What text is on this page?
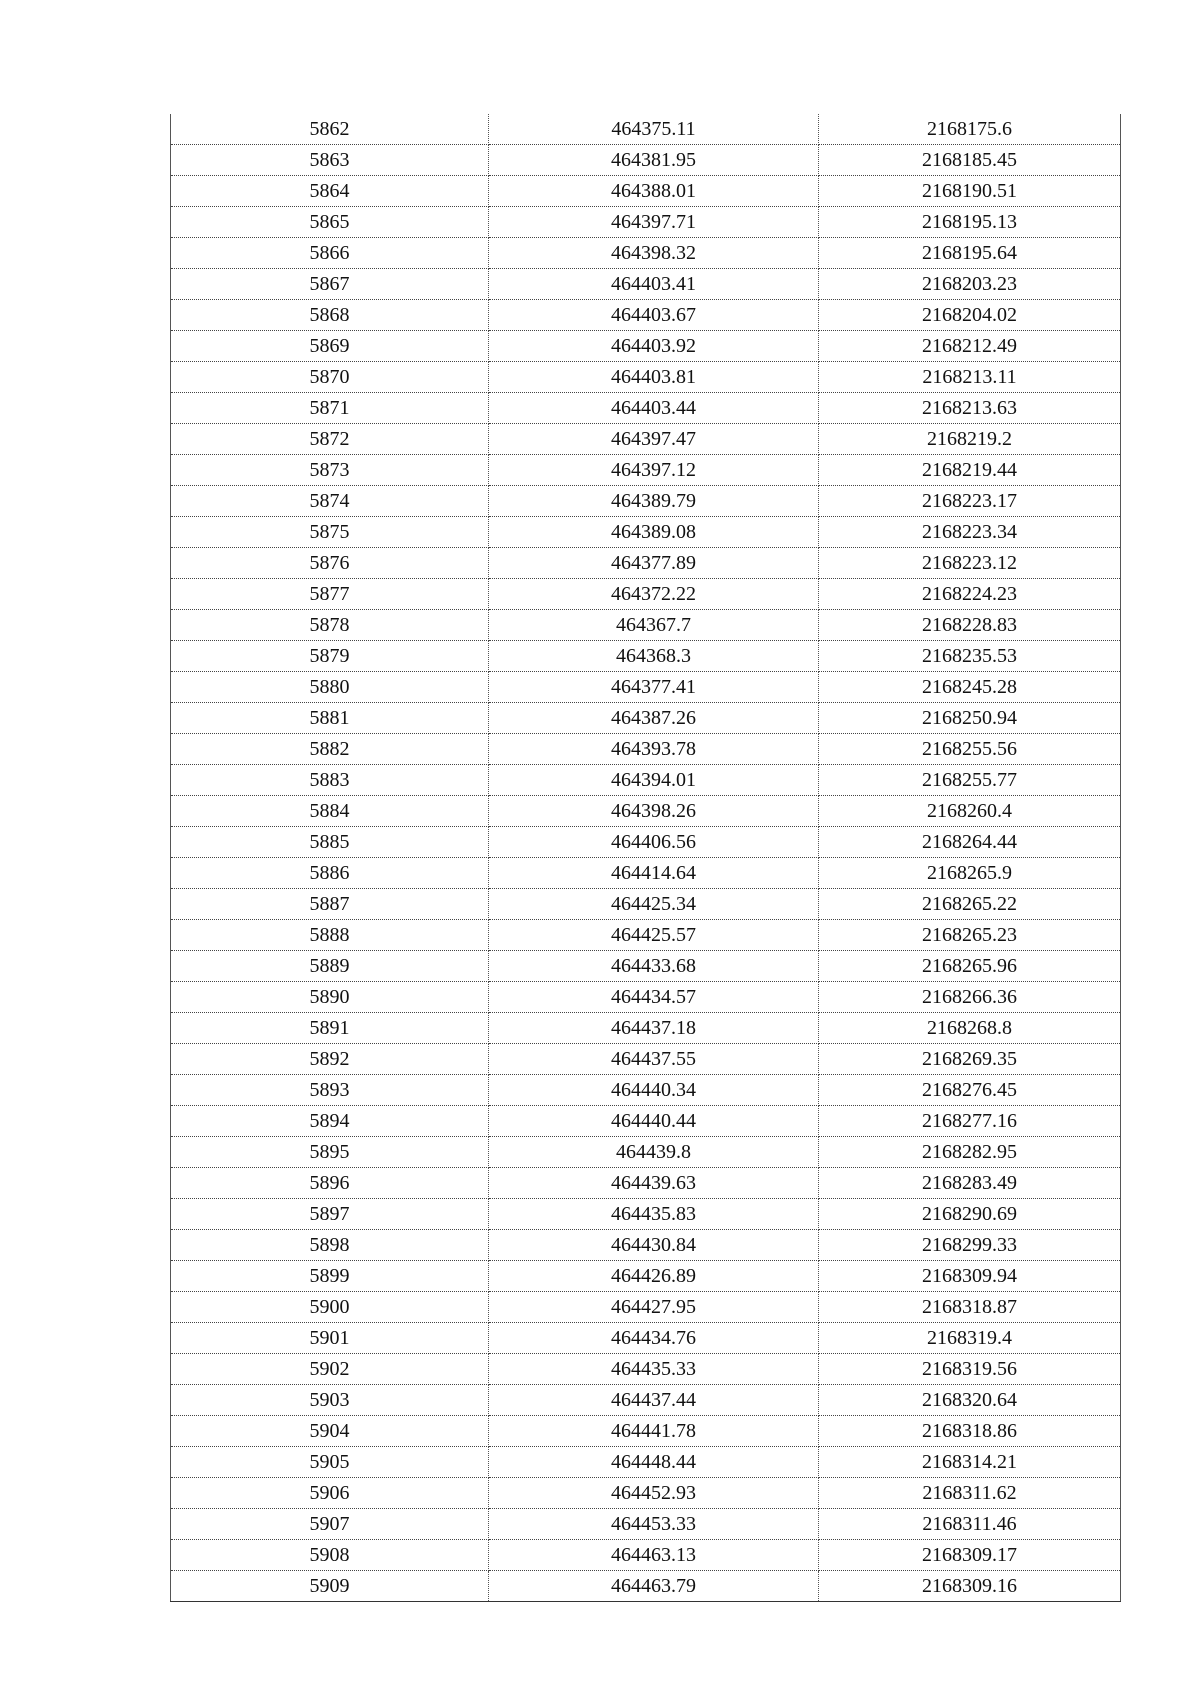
5862	464375.11	2168175.6
5863	464381.95	2168185.45
5864	464388.01	2168190.51
5865	464397.71	2168195.13
5866	464398.32	2168195.64
5867	464403.41	2168203.23
5868	464403.67	2168204.02
5869	464403.92	2168212.49
5870	464403.81	2168213.11
5871	464403.44	2168213.63
5872	464397.47	2168219.2
5873	464397.12	2168219.44
5874	464389.79	2168223.17
5875	464389.08	2168223.34
5876	464377.89	2168223.12
5877	464372.22	2168224.23
5878	464367.7	2168228.83
5879	464368.3	2168235.53
5880	464377.41	2168245.28
5881	464387.26	2168250.94
5882	464393.78	2168255.56
5883	464394.01	2168255.77
5884	464398.26	2168260.4
5885	464406.56	2168264.44
5886	464414.64	2168265.9
5887	464425.34	2168265.22
5888	464425.57	2168265.23
5889	464433.68	2168265.96
5890	464434.57	2168266.36
5891	464437.18	2168268.8
5892	464437.55	2168269.35
5893	464440.34	2168276.45
5894	464440.44	2168277.16
5895	464439.8	2168282.95
5896	464439.63	2168283.49
5897	464435.83	2168290.69
5898	464430.84	2168299.33
5899	464426.89	2168309.94
5900	464427.95	2168318.87
5901	464434.76	2168319.4
5902	464435.33	2168319.56
5903	464437.44	2168320.64
5904	464441.78	2168318.86
5905	464448.44	2168314.21
5906	464452.93	2168311.62
5907	464453.33	2168311.46
5908	464463.13	2168309.17
5909	464463.79	2168309.16
